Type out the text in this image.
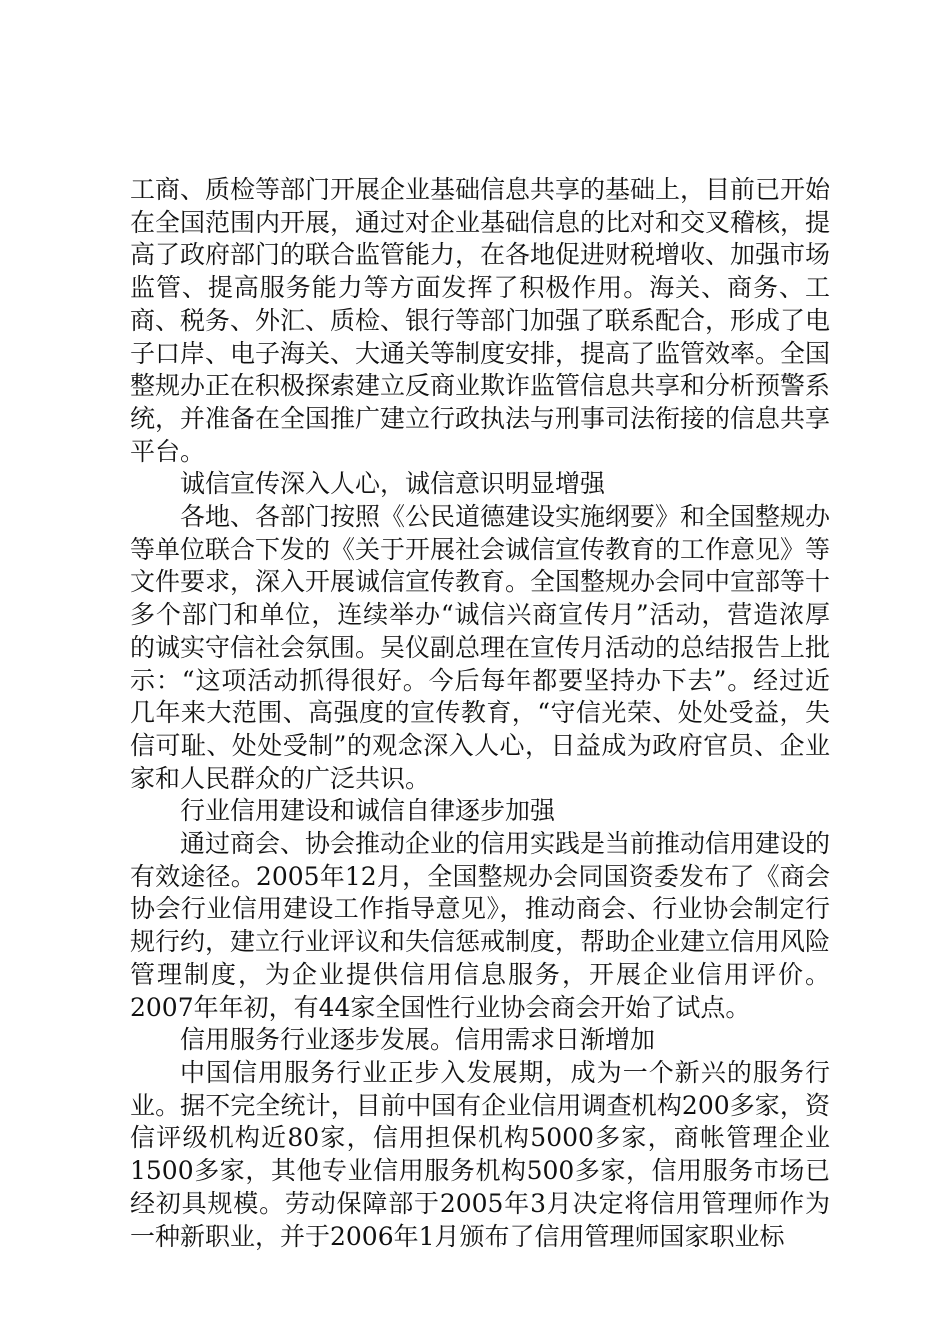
工商、质检等部门开展企业基础信息共享的基础上，目前已开始在全国范围内开展，通过对企业基础信息的比对和交叉稽核，提高了政府部门的联合监管能力，在各地促进财税增收、加强市场监管、提高服务能力等方面发挥了积极作用。海关、商务、工商、税务、外汇、质检、银行等部门加强了联系配合，形成了电子口岸、电子海关、大通关等制度安排，提高了监管效率。全国整规办正在积极探索建立反商业欺诈监管信息共享和分析预警系统，并准备在全国推广建立行政执法与刑事司法衔接的信息共享平台。

诚信宣传深入人心，诚信意识明显增强

各地、各部门按照《公民道德建设实施纲要》和全国整规办等单位联合下发的《关于开展社会诚信宣传教育的工作意见》等文件要求，深入开展诚信宣传教育。全国整规办会同中宣部等十多个部门和单位，连续举办“诚信兴商宣传月”活动，营造浓厚的诚实守信社会氛围。吴仪副总理在宣传月活动的总结报告上批示：“这项活动抓得很好。今后每年都要坚持办下去”。经过近几年来大范围、高强度的宣传教育，“守信光荣、处处受益，失信可耻、处处受制”的观念深入人心，日益成为政府官员、企业家和人民群众的广泛共识。

行业信用建设和诚信自律逐步加强

通过商会、协会推动企业的信用实践是当前推动信用建设的有效途径。2005年12月，全国整规办会同国资委发布了《商会协会行业信用建设工作指导意见》，推动商会、行业协会制定行规行约，建立行业评议和失信惩戒制度，帮助企业建立信用风险管理制度，为企业提供信用信息服务，开展企业信用评价。2007年年初，有44家全国性行业协会商会开始了试点。

信用服务行业逐步发展。信用需求日渐增加

中国信用服务行业正步入发展期，成为一个新兴的服务行业。据不完全统计，目前中国有企业信用调查机构200多家，资信评级机构近80家，信用担保机构5000多家，商帐管理企业1500多家，其他专业信用服务机构500多家，信用服务市场已经初具规模。劳动保障部于2005年3月决定将信用管理师作为一种新职业，并于2006年1月颁布了信用管理师国家职业标
